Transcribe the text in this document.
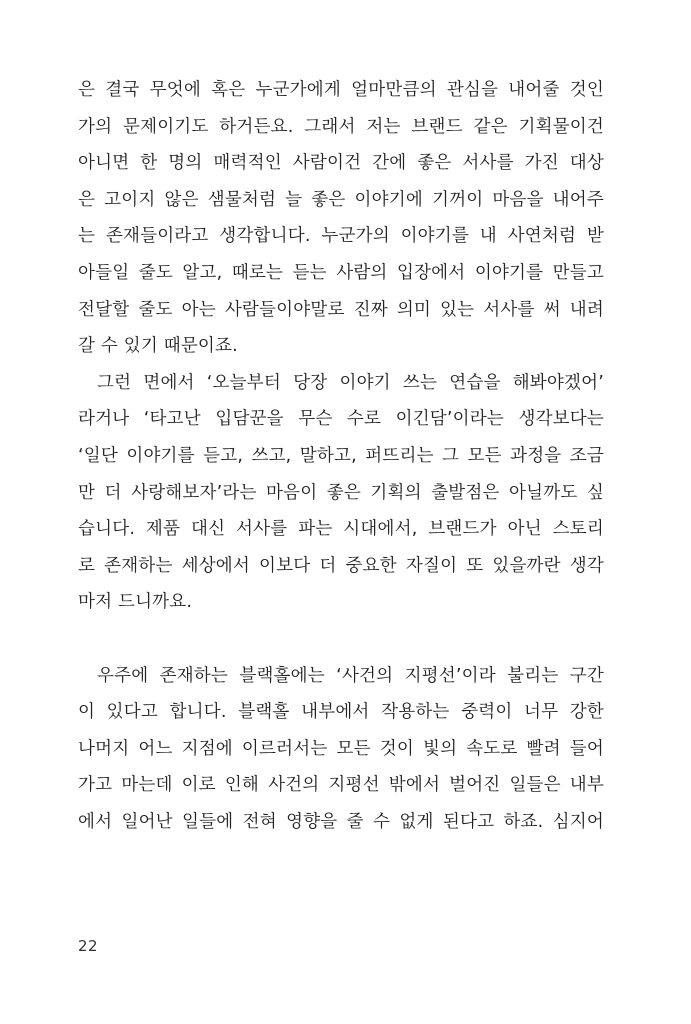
은 결국 무엇에 혹은 누군가에게 얼마만큼의 관심을 내어줄 것인
가의 문제이기도 하거든요. 그래서 저는 브랜드 같은 기획물이건
아니면 한 명의 매력적인 사람이건 간에 좋은 서사를 가진 대상
은 고이지 않은 샘물처럼 늘 좋은 이야기에 기꺼이 마음을 내어주
는 존재들이라고 생각합니다. 누군가의 이야기를 내 사연처럼 받
아들일 줄도 알고, 때로는 듣는 사람의 입장에서 이야기를 만들고
전달할 줄도 아는 사람들이야말로 진짜 의미 있는 서사를 써 내려
갈 수 있기 때문이죠.
그런 면에서 ‘오늘부터 당장 이야기 쓰는 연습을 해봐야겠어’
라거나 ‘타고난 입담꾼을 무슨 수로 이긴담’이라는 생각보다는
‘일단 이야기를 듣고, 쓰고, 말하고, 퍼뜨리는 그 모든 과정을 조금
만 더 사랑해보자’라는 마음이 좋은 기획의 출발점은 아닐까도 싶
습니다. 제품 대신 서사를 파는 시대에서, 브랜드가 아닌 스토리
로 존재하는 세상에서 이보다 더 중요한 자질이 또 있을까란 생각
마저 드니까요.
우주에 존재하는 블랙홀에는 ‘사건의 지평선’이라 불리는 구간
이 있다고 합니다. 블랙홀 내부에서 작용하는 중력이 너무 강한
나머지 어느 지점에 이르러서는 모든 것이 빛의 속도로 빨려 들어
가고 마는데 이로 인해 사건의 지평선 밖에서 벌어진 일들은 내부
에서 일어난 일들에 전혀 영향을 줄 수 없게 된다고 하죠. 심지어
22
